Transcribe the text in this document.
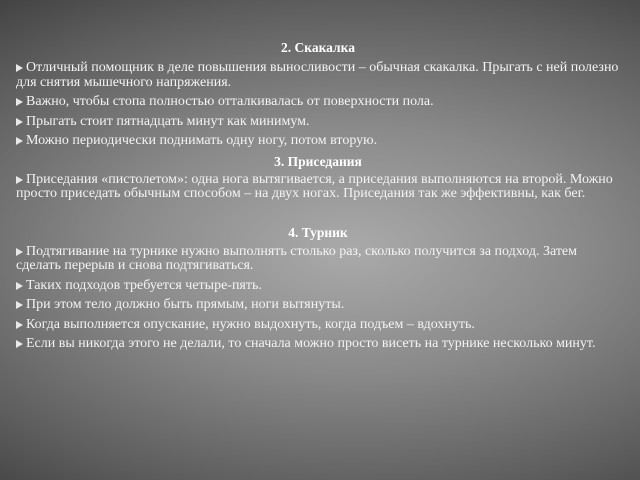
2. Скакалка
Отличный помощник в деле повышения выносливости – обычная скакалка. Прыгать с ней полезно для снятия мышечного напряжения.
Важно, чтобы стопа полностью отталкивалась от поверхности пола.
Прыгать стоит пятнадцать минут как минимум.
Можно периодически поднимать одну ногу, потом вторую.
3. Приседания
Приседания «пистолетом»: одна нога вытягивается, а приседания выполняются на второй. Можно просто приседать обычным способом – на двух ногах. Приседания так же эффективны, как бег.
4. Турник
Подтягивание на турнике нужно выполнять столько раз, сколько получится за подход. Затем сделать перерыв и снова подтягиваться.
Таких подходов требуется четыре-пять.
При этом тело должно быть прямым, ноги вытянуты.
Когда выполняется опускание, нужно выдохнуть, когда подъем – вдохнуть.
Если вы никогда этого не делали, то сначала можно просто висеть на турнике несколько минут.
